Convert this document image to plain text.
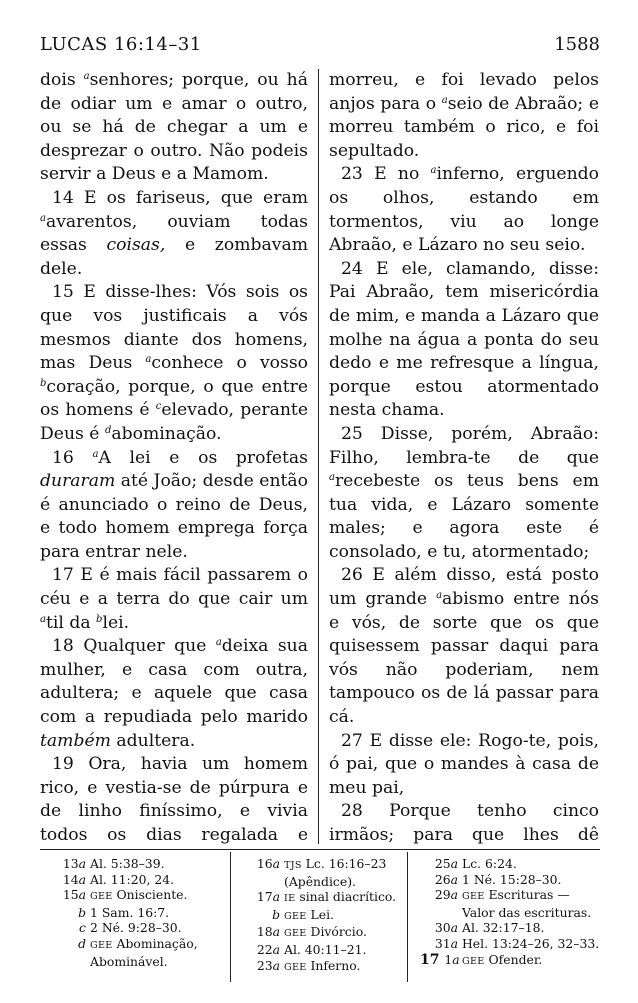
LUCAS 16:14–31	1588

dois $^a$senhores; porque, ou há de odiar um e amar o outro, ou se há de chegar a um e desprezar o outro. Não podeis servir a Deus e a Mamom.

14 E os fariseus, que eram $^a$avarentos, ouviam todas essas coisas, e zombavam dele.

15 E disse-lhes: Vós sois os que vos justificais a vós mesmos diante dos homens, mas Deus $^a$conhece o vosso $^b$coração, porque, o que entre os homens é $^c$elevado, perante Deus é $^d$abominação.

16 $^a$A lei e os profetas duraram até João; desde então é anunciado o reino de Deus, e todo homem emprega força para entrar nele.

17 E é mais fácil passarem o céu e a terra do que cair um $^a$til da $^b$lei.

18 Qualquer que $^a$deixa sua mulher, e casa com outra, adultera; e aquele que casa com a repudiada pelo marido também adultera.

19 Ora, havia um homem rico, e vestia-se de púrpura e de linho finíssimo, e vivia todos os dias regalada e

morreu, e foi levado pelos anjos para o $^a$seio de Abraão; e morreu também o rico, e foi sepultado.

23 E no $^a$inferno, erguendo os olhos, estando em tormentos, viu ao longe Abraão, e Lázaro no seu seio.

24 E ele, clamando, disse: Pai Abraão, tem misericórdia de mim, e manda a Lázaro que molhe na água a ponta do seu dedo e me refresque a língua, porque estou atormentado nesta chama.

25 Disse, porém, Abraão: Filho, lembra-te de que $^a$recebeste os teus bens em tua vida, e Lázaro somente males; e agora este é consolado, e tu, atormentado;

26 E além disso, está posto um grande $^a$abismo entre nós e vós, de sorte que os que quisessem passar daqui para vós não poderiam, nem tampouco os de lá passar para cá.

27 E disse ele: Rogo-te, pois, ó pai, que o mandes à casa de meu pai,

28 Porque tenho cinco irmãos; para que lhes dê

13a Al. 5:38–39.
14a Al. 11:20, 24.
15a GEE Onisciente.
b 1 Sam. 16:7.
c 2 Né. 9:28–30.
d GEE Abominação,
Abominável.
16a TJS Lc. 16:16–23
(Apêndice).
17a IE sinal diacrítico.
b GEE Lei.
18a GEE Divórcio.
22a Al. 40:11–21.
23a GEE Inferno.
25a Lc. 6:24.
26a 1 Né. 15:28–30.
29a GEE Escrituras —
Valor das escrituras.
30a Al. 32:17–18.
31a Hel. 13:24–26, 32–33.
17 1a GEE Ofender.
